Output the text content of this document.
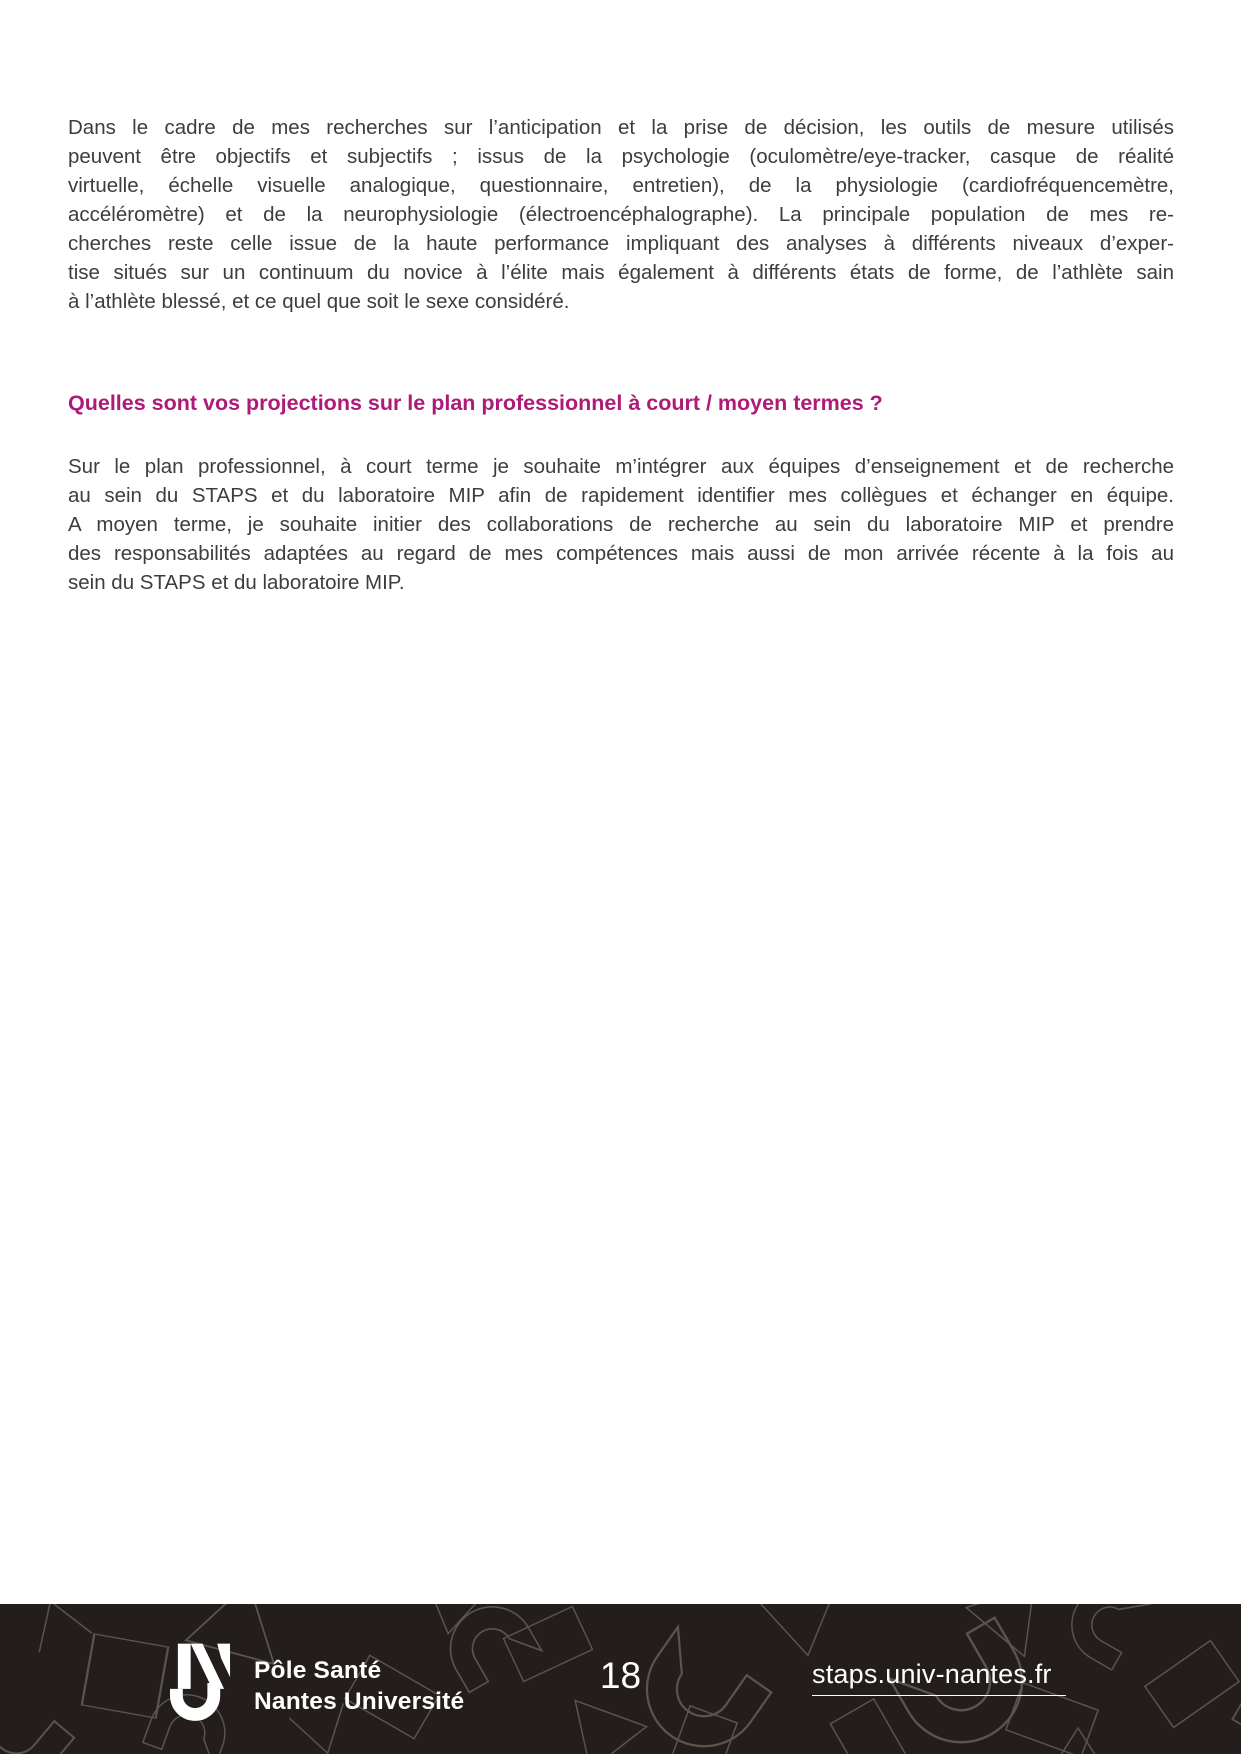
Dans le cadre de mes recherches sur l’anticipation et la prise de décision, les outils de mesure utilisés
peuvent être objectifs et subjectifs ; issus de la psychologie (oculomètre/eye-tracker, casque de réalité
virtuelle, échelle visuelle analogique, questionnaire, entretien), de la physiologie (cardiofréquencemètre,
accéléromètre) et de la neurophysiologie (électroencéphalographe). La principale population de mes re-
cherches reste celle issue de la haute performance impliquant des analyses à différents niveaux d’exper-
tise situés sur un continuum du novice à l’élite mais également à différents états de forme, de l’athlète sain
à l’athlète blessé, et ce quel que soit le sexe considéré.
Quelles sont vos projections sur le plan professionnel à court / moyen termes ?
Sur le plan professionnel, à court terme je souhaite m’intégrer aux équipes d’enseignement et de recherche
au sein du STAPS et du laboratoire MIP afin de rapidement identifier mes collègues et échanger en équipe.
A moyen terme, je souhaite initier des collaborations de recherche au sein du laboratoire MIP et prendre
des responsabilités adaptées au regard de mes compétences mais aussi de mon arrivée récente à la fois au
sein du STAPS et du laboratoire MIP.
Pôle Santé
Nantes Université
18	staps.univ-nantes.fr
